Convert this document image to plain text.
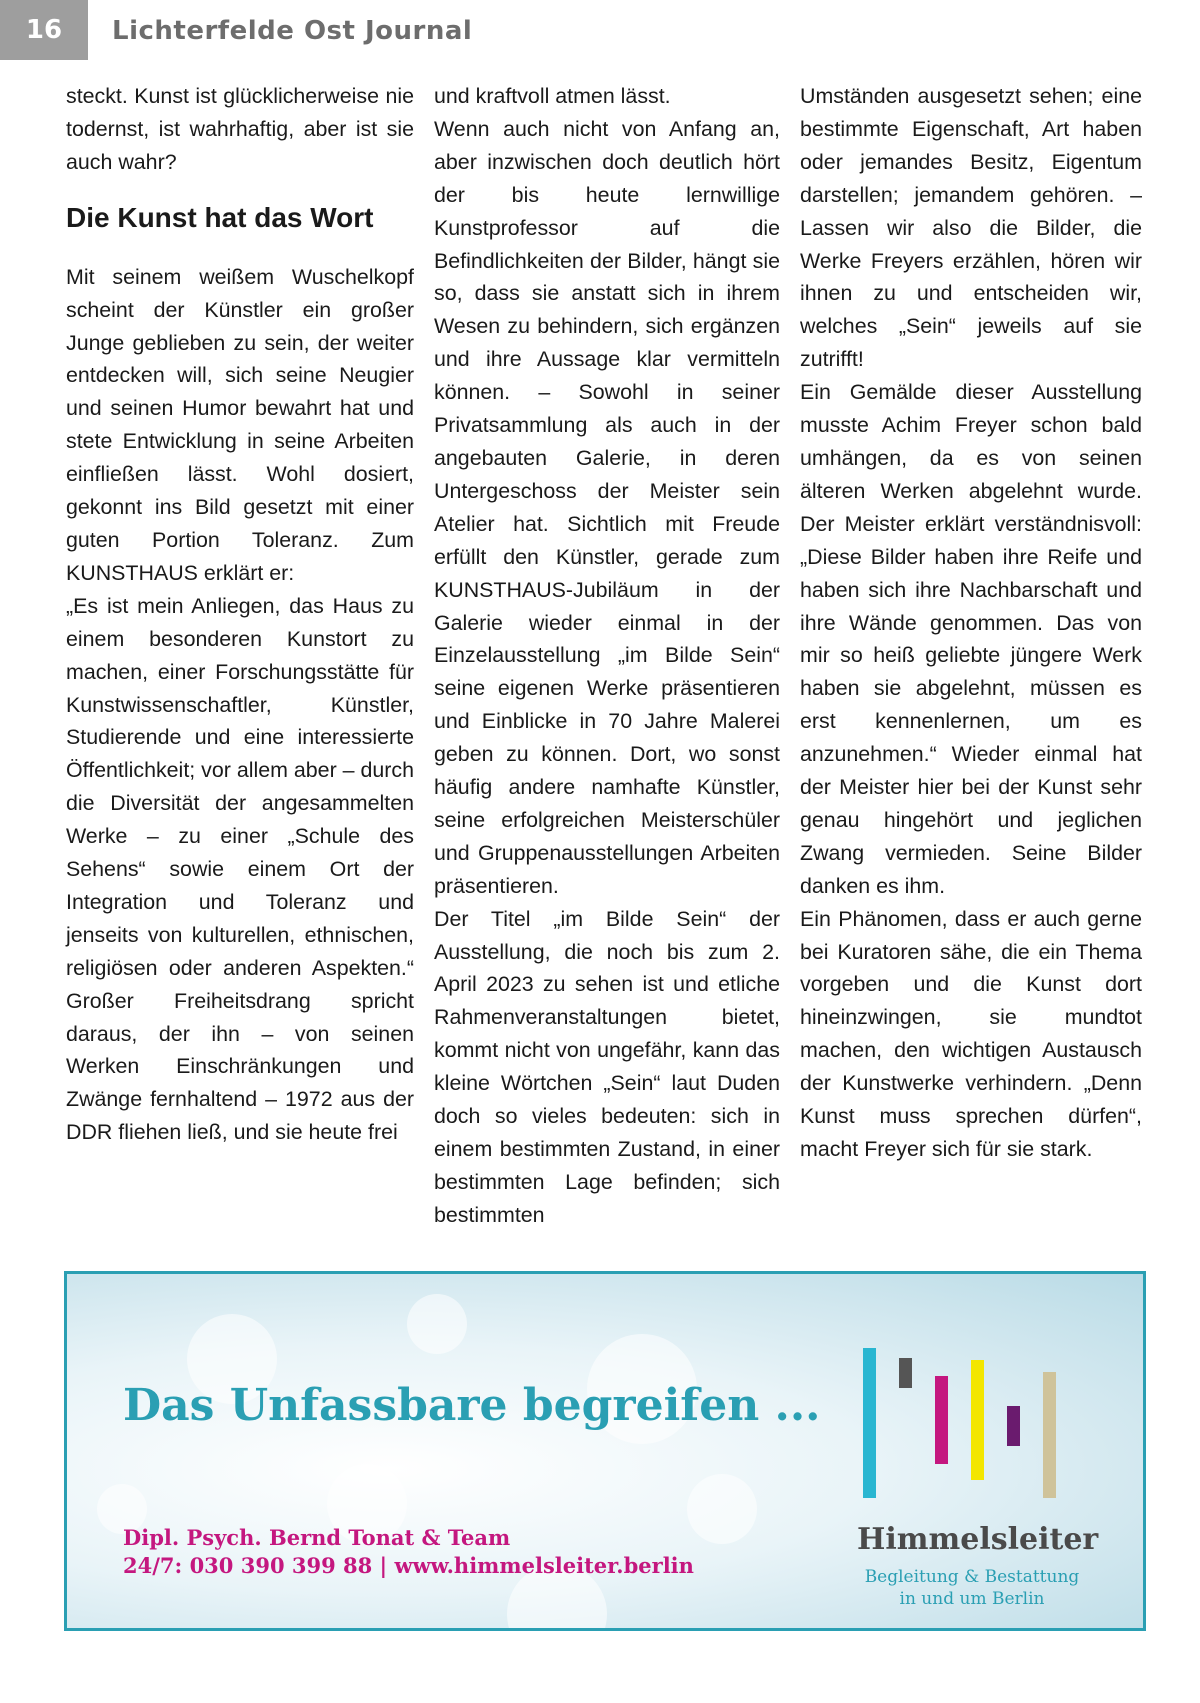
16	Lichterfelde Ost Journal

steckt. Kunst ist glücklicherweise nie todernst, ist wahrhaftig, aber ist sie auch wahr?

Die Kunst hat das Wort

Mit seinem weißem Wuschelkopf scheint der Künstler ein großer Junge geblieben zu sein, der weiter entdecken will, sich seine Neugier und seinen Humor bewahrt hat und stete Entwicklung in seine Arbeiten einfließen lässt. Wohl dosiert, gekonnt ins Bild gesetzt mit einer guten Portion Toleranz. Zum KUNSTHAUS erklärt er:

„Es ist mein Anliegen, das Haus zu einem besonderen Kunstort zu machen, einer Forschungsstätte für Kunstwissenschaftler, Künstler, Studierende und eine interessierte Öffentlichkeit; vor allem aber – durch die Diversität der angesammelten Werke – zu einer „Schule des Sehens“ sowie einem Ort der Integration und Toleranz und jenseits von kulturellen, ethnischen, religiösen oder anderen Aspekten.“ Großer Freiheitsdrang spricht daraus, der ihn – von seinen Werken Einschränkungen und Zwänge fernhaltend – 1972 aus der DDR fliehen ließ, und sie heute frei

und kraftvoll atmen lässt.

Wenn auch nicht von Anfang an, aber inzwischen doch deutlich hört der bis heute lernwillige Kunstprofessor auf die Befindlichkeiten der Bilder, hängt sie so, dass sie anstatt sich in ihrem Wesen zu behindern, sich ergänzen und ihre Aussage klar vermitteln können. – Sowohl in seiner Privatsammlung als auch in der angebauten Galerie, in deren Untergeschoss der Meister sein Atelier hat. Sichtlich mit Freude erfüllt den Künstler, gerade zum KUNSTHAUS-Jubiläum in der Galerie wieder einmal in der Einzelausstellung „im Bilde Sein“ seine eigenen Werke präsentieren und Einblicke in 70 Jahre Malerei geben zu können. Dort, wo sonst häufig andere namhafte Künstler, seine erfolgreichen Meisterschüler und Gruppenausstellungen Arbeiten präsentieren.

Der Titel „im Bilde Sein“ der Ausstellung, die noch bis zum 2. April 2023 zu sehen ist und etliche Rahmenveranstaltungen bietet, kommt nicht von ungefähr, kann das kleine Wörtchen „Sein“ laut Duden doch so vieles bedeuten: sich in einem bestimmten Zustand, in einer bestimmten Lage befinden; sich bestimmten

Umständen ausgesetzt sehen; eine bestimmte Eigenschaft, Art haben oder jemandes Besitz, Eigentum darstellen; jemandem gehören. – Lassen wir also die Bilder, die Werke Freyers erzählen, hören wir ihnen zu und entscheiden wir, welches „Sein“ jeweils auf sie zutrifft!

Ein Gemälde dieser Ausstellung musste Achim Freyer schon bald umhängen, da es von seinen älteren Werken abgelehnt wurde. Der Meister erklärt verständnisvoll: „Diese Bilder haben ihre Reife und haben sich ihre Nachbarschaft und ihre Wände genommen. Das von mir so heiß geliebte jüngere Werk haben sie abgelehnt, müssen es erst kennenlernen, um es anzunehmen.“ Wieder einmal hat der Meister hier bei der Kunst sehr genau hingehört und jeglichen Zwang vermieden. Seine Bilder danken es ihm.

Ein Phänomen, dass er auch gerne bei Kuratoren sähe, die ein Thema vorgeben und die Kunst dort hineinzwingen, sie mundtot machen, den wichtigen Austausch der Kunstwerke verhindern. „Denn Kunst muss sprechen dürfen“, macht Freyer sich für sie stark.

Das Unfassbare begreifen ...
Dipl. Psych. Bernd Tonat & Team
24/7: 030 390 399 88 | www.himmelsleiter.berlin
Himmelsleiter
Begleitung & Bestattung
in und um Berlin
